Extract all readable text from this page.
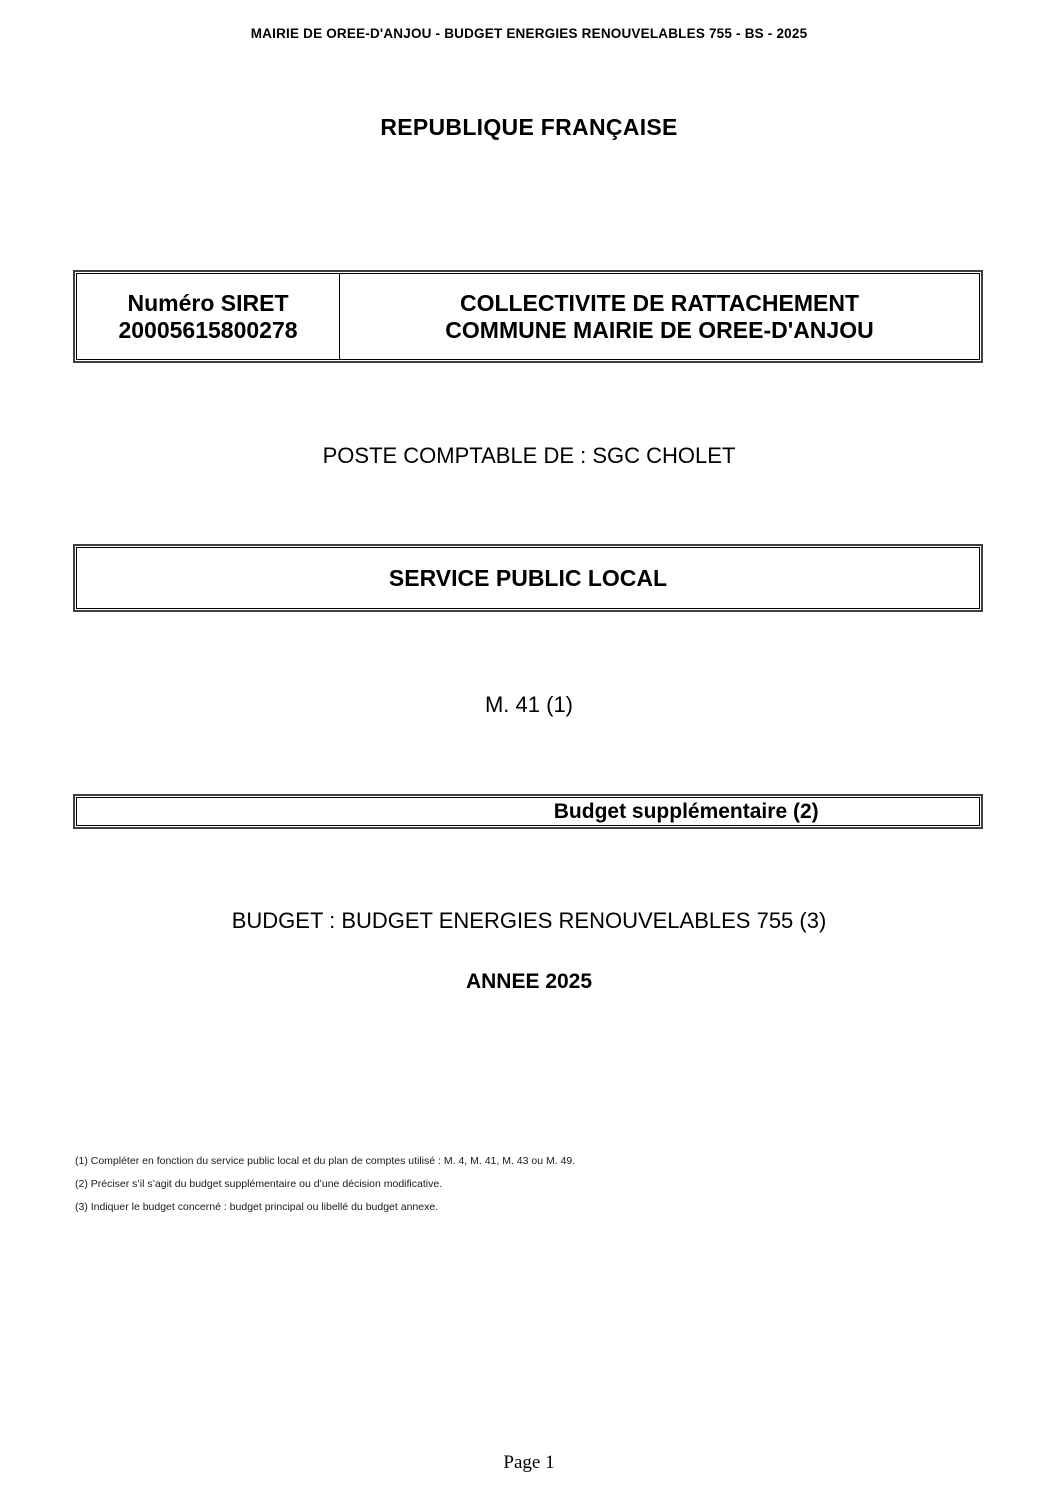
MAIRIE DE OREE-D'ANJOU - BUDGET ENERGIES RENOUVELABLES 755 - BS - 2025
REPUBLIQUE FRANÇAISE
Numéro SIRET
20005615800278
COLLECTIVITE DE RATTACHEMENT
COMMUNE MAIRIE DE OREE-D'ANJOU
POSTE COMPTABLE DE : SGC CHOLET
SERVICE PUBLIC LOCAL
M. 41 (1)
Budget supplémentaire (2)
BUDGET : BUDGET ENERGIES RENOUVELABLES 755 (3)
ANNEE 2025
(1) Compléter en fonction du service public local et du plan de comptes utilisé : M. 4, M. 41, M. 43 ou M. 49.
(2) Préciser s’il s’agit du budget supplémentaire ou d’une décision modificative.
(3) Indiquer le budget concerné : budget principal ou libellé du budget annexe.
Page 1
